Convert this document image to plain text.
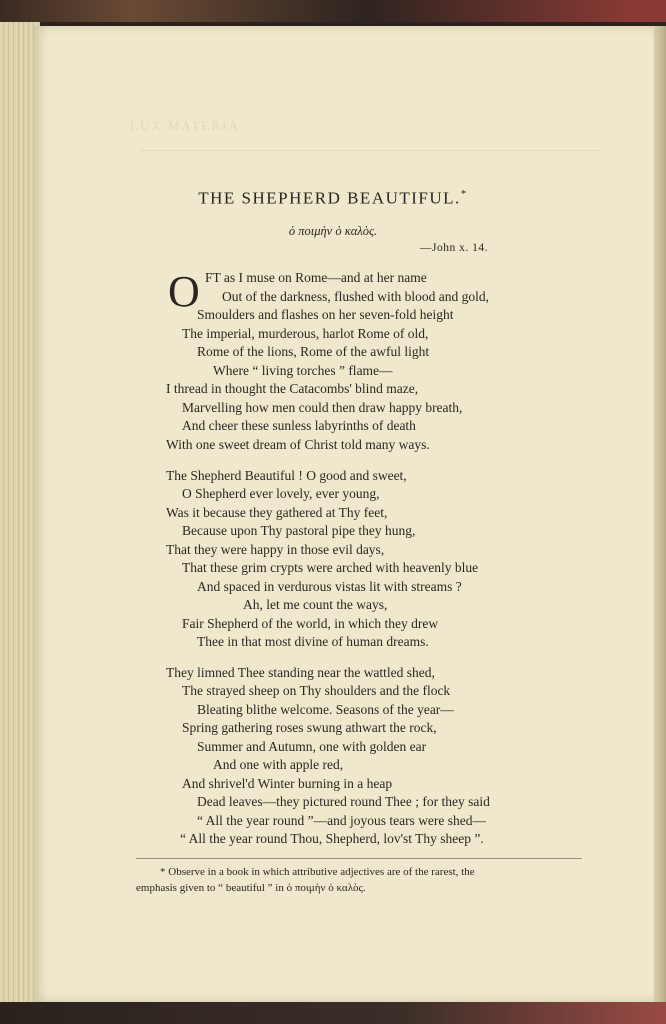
LUX MATERIA
THE SHEPHERD BEAUTIFUL.*
ὁ ποιμὴν ὁ καλὸς.
—John x. 14.
O FT as I muse on Rome—and at her name
Out of the darkness, flushed with blood and gold,
Smoulders and flashes on her seven-fold height
The imperial, murderous, harlot Rome of old,
Rome of the lions, Rome of the awful light
Where “ living torches ” flame—
I thread in thought the Catacombs' blind maze,
Marvelling how men could then draw happy breath,
And cheer these sunless labyrinths of death
With one sweet dream of Christ told many ways.
The Shepherd Beautiful ! O good and sweet,
O Shepherd ever lovely, ever young,
Was it because they gathered at Thy feet,
Because upon Thy pastoral pipe they hung,
That they were happy in those evil days,
That these grim crypts were arched with heavenly blue
And spaced in verdurous vistas lit with streams ?
Ah, let me count the ways,
Fair Shepherd of the world, in which they drew
Thee in that most divine of human dreams.
They limned Thee standing near the wattled shed,
The strayed sheep on Thy shoulders and the flock
Bleating blithe welcome. Seasons of the year—
Spring gathering roses swung athwart the rock,
Summer and Autumn, one with golden ear
And one with apple red,
And shrivel'd Winter burning in a heap
Dead leaves—they pictured round Thee ; for they said
“ All the year round ”—and joyous tears were shed—
“ All the year round Thou, Shepherd, lov'st Thy sheep ”.
* Observe in a book in which attributive adjectives are of the rarest, the
emphasis given to “ beautiful ” in ὁ ποιμὴν ὁ καλὸς.
